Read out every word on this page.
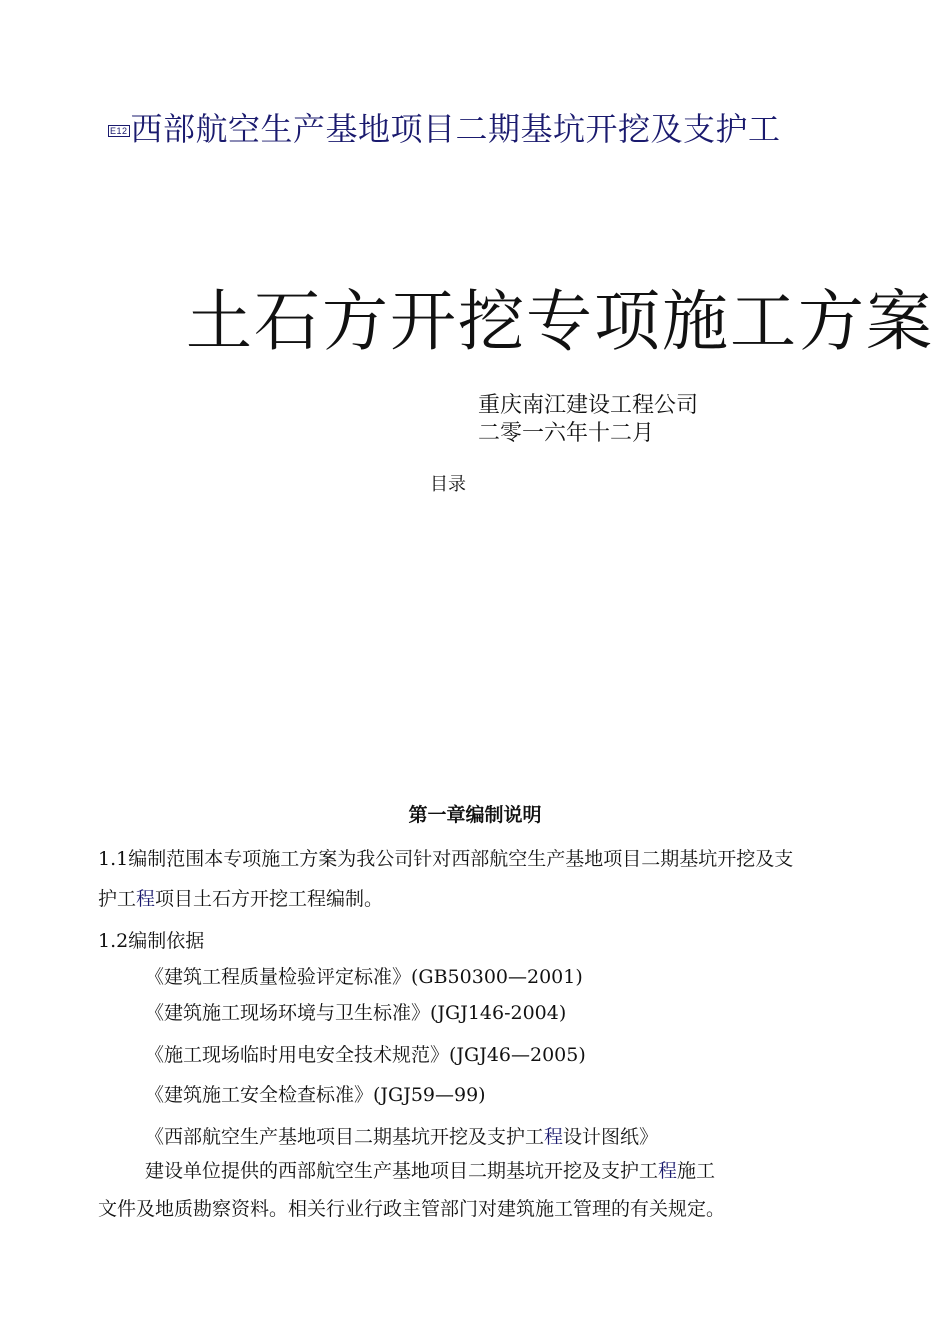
E12 西部航空生产基地项目二期基坑开挖及支护工
土石方开挖专项施工方案
重庆南江建设工程公司
二零一六年十二月
目录
第一章编制说明
1.1编制范围本专项施工方案为我公司针对西部航空生产基地项目二期基坑开挖及支
护工程项目土石方开挖工程编制。
1.2编制依据
《建筑工程质量检验评定标准》(GB50300—2001)
《建筑施工现场环境与卫生标准》(JGJ146-2004)
《施工现场临时用电安全技术规范》(JGJ46—2005)
《建筑施工安全检查标准》(JGJ59—99)
《西部航空生产基地项目二期基坑开挖及支护工程设计图纸》
建设单位提供的西部航空生产基地项目二期基坑开挖及支护工程施工
文件及地质勘察资料。相关行业行政主管部门对建筑施工管理的有关规定。
